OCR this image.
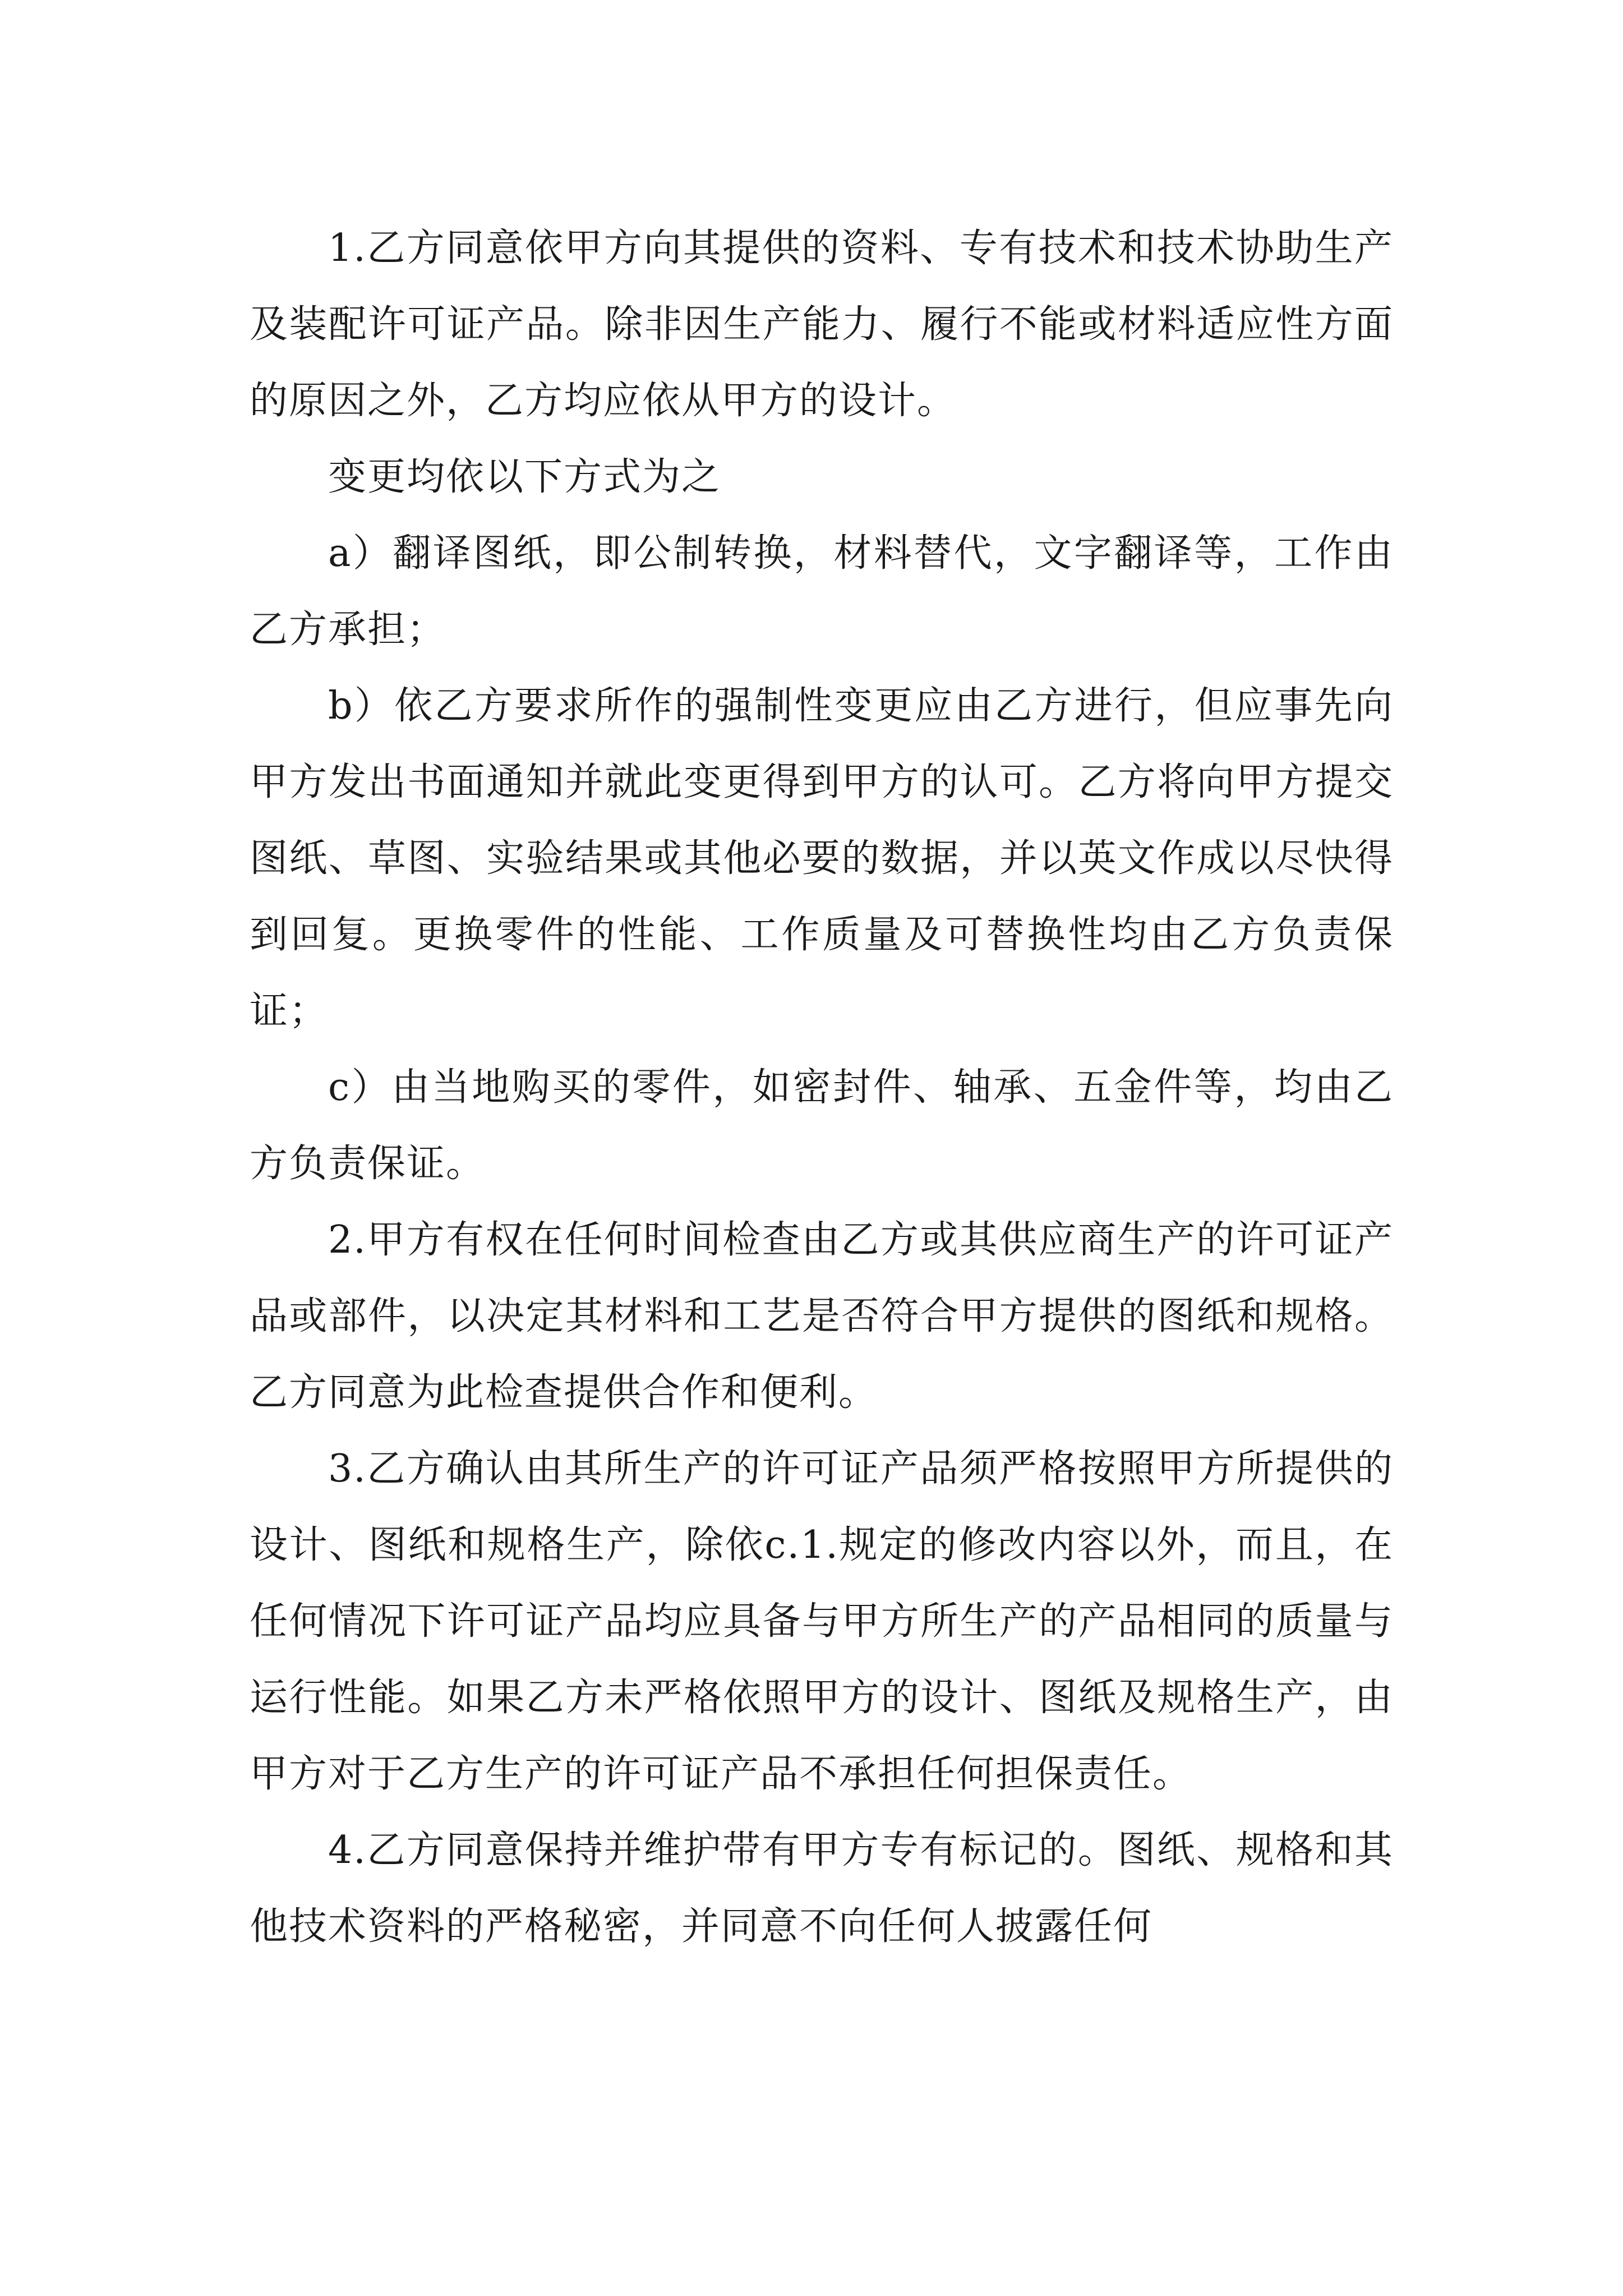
1.乙方同意依甲方向其提供的资料、专有技术和技术协助生产及装配许可证产品。除非因生产能力、履行不能或材料适应性方面的原因之外，乙方均应依从甲方的设计。

变更均依以下方式为之

a）翻译图纸，即公制转换，材料替代，文字翻译等，工作由乙方承担；

b）依乙方要求所作的强制性变更应由乙方进行，但应事先向甲方发出书面通知并就此变更得到甲方的认可。乙方将向甲方提交图纸、草图、实验结果或其他必要的数据，并以英文作成以尽快得到回复。更换零件的性能、工作质量及可替换性均由乙方负责保证；

c）由当地购买的零件，如密封件、轴承、五金件等，均由乙方负责保证。

2.甲方有权在任何时间检查由乙方或其供应商生产的许可证产品或部件，以决定其材料和工艺是否符合甲方提供的图纸和规格。乙方同意为此检查提供合作和便利。

3.乙方确认由其所生产的许可证产品须严格按照甲方所提供的设计、图纸和规格生产，除依c.1.规定的修改内容以外，而且，在任何情况下许可证产品均应具备与甲方所生产的产品相同的质量与运行性能。如果乙方未严格依照甲方的设计、图纸及规格生产，由甲方对于乙方生产的许可证产品不承担任何担保责任。

4.乙方同意保持并维护带有甲方专有标记的。图纸、规格和其他技术资料的严格秘密，并同意不向任何人披露任何
